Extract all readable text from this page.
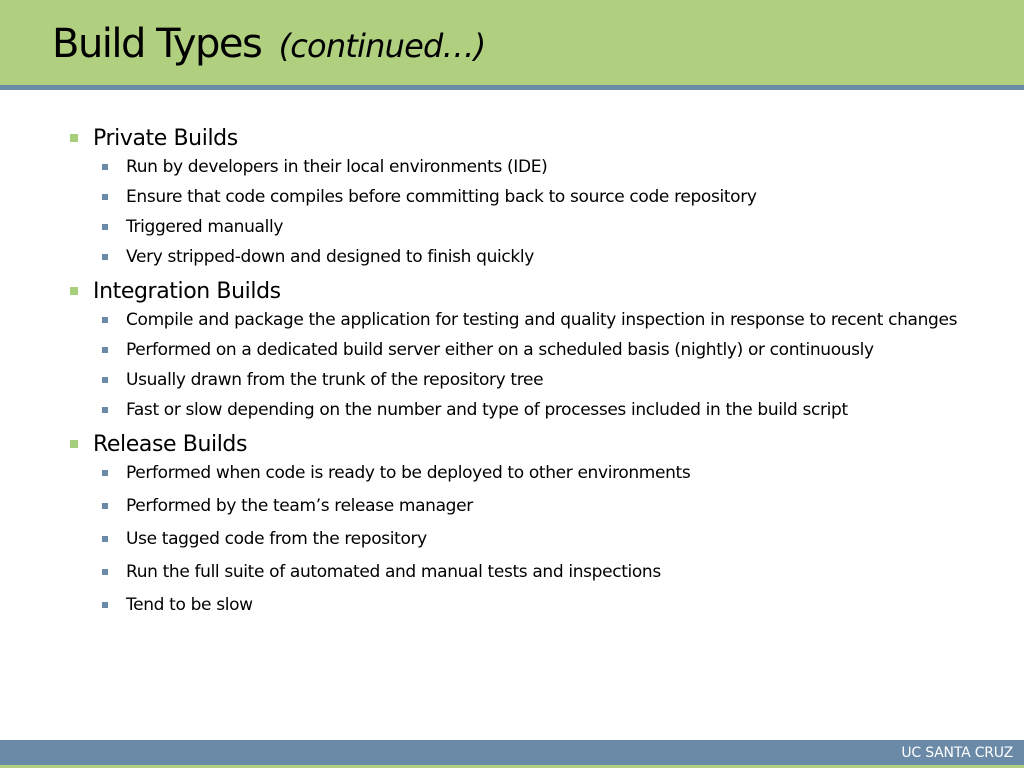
Build Types (continued…)
Private Builds
Run by developers in their local environments (IDE)
Ensure that code compiles before committing back to source code repository
Triggered manually
Very stripped-down and designed to finish quickly
Integration Builds
Compile and package the application for testing and quality inspection in response to recent changes
Performed on a dedicated build server either on a scheduled basis (nightly) or continuously
Usually drawn from the trunk of the repository tree
Fast or slow depending on the number and type of processes included in the build script
Release Builds
Performed when code is ready to be deployed to other environments
Performed by the team’s release manager
Use tagged code from the repository
Run the full suite of automated and manual tests and inspections
Tend to be slow
UC SANTA CRUZ
